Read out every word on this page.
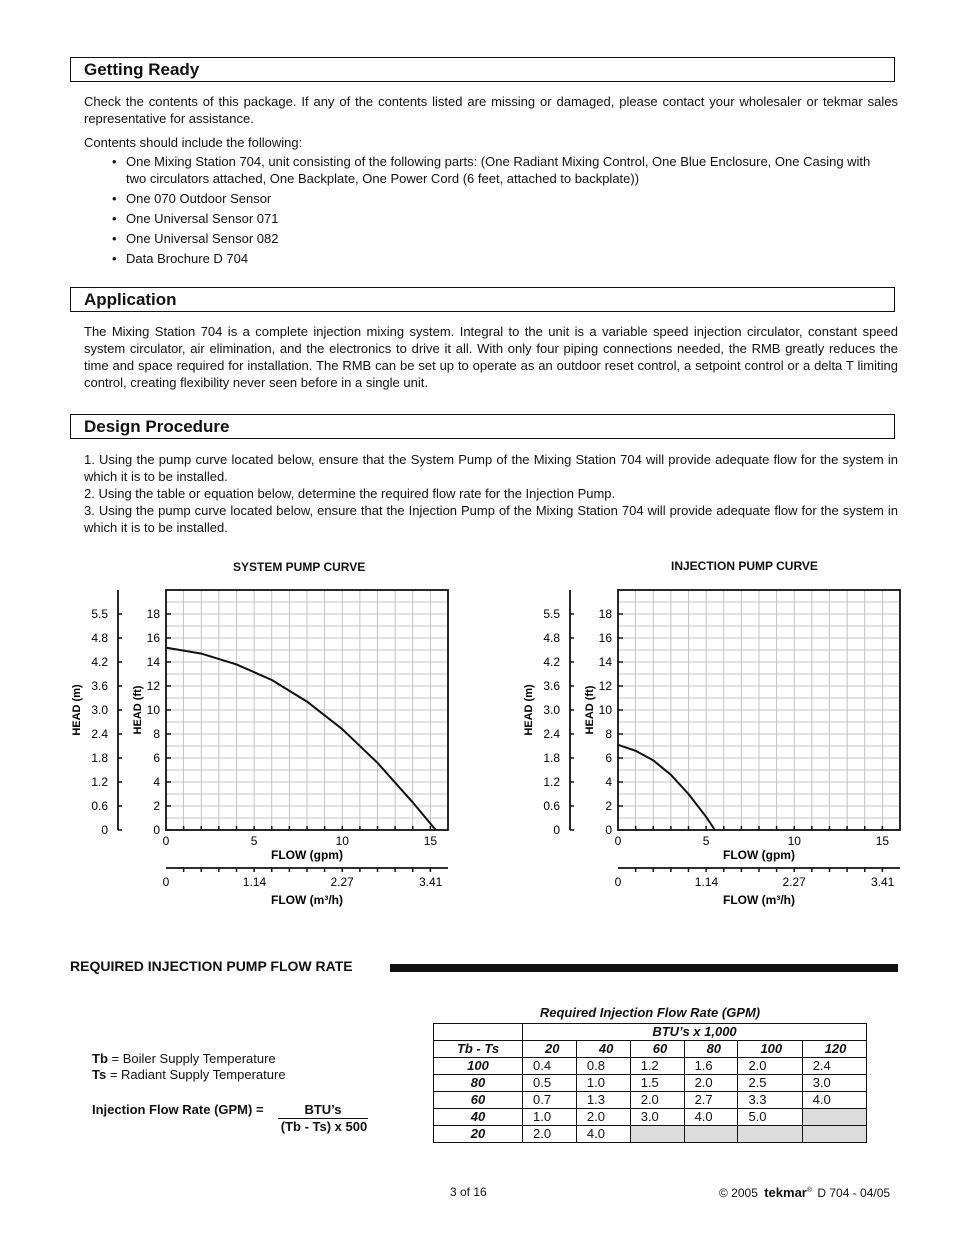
Getting Ready
Check the contents of this package. If any of the contents listed are missing or damaged, please contact your wholesaler or tekmar sales representative for assistance.
Contents should include the following:
• One Mixing Station 704, unit consisting of the following parts: (One Radiant Mixing Control, One Blue Enclosure, One Casing with two circulators attached, One Backplate, One Power Cord (6 feet, attached to backplate))
• One 070 Outdoor Sensor
• One Universal Sensor 071
• One Universal Sensor 082
• Data Brochure D 704
Application
The Mixing Station 704 is a complete injection mixing system. Integral to the unit is a variable speed injection circulator, constant speed system circulator, air elimination, and the electronics to drive it all. With only four piping connections needed, the RMB greatly reduces the time and space required for installation. The RMB can be set up to operate as an outdoor reset control, a setpoint control or a delta T limiting control, creating flexibility never seen before in a single unit.
Design Procedure
1. Using the pump curve located below, ensure that the System Pump of the Mixing Station 704 will provide adequate flow for the system in which it is to be installed.
2. Using the table or equation below, determine the required flow rate for the Injection Pump.
3. Using the pump curve located below, ensure that the Injection Pump of the Mixing Station 704 will provide adequate flow for the system in which it is to be installed.
SYSTEM PUMP CURVE	INJECTION PUMP CURVE
0
2
4
6
8
10
12
14
16
18
0
0.6
1.2
1.8
2.4
3.0
3.6
4.2
4.8
5.5
HEAD (m)	HEAD (ft)
0	5	10	15
FLOW (gpm)
0	1.14	2.27	3.41
FLOW (m³/h)
0
2
4
6
8
10
12
14
16
18
0
0.6
1.2
1.8
2.4
3.0
3.6
4.2
4.8
5.5
HEAD (m)	HEAD (ft)
0	5	10	15
FLOW (gpm)
0	1.14	2.27	3.41
FLOW (m³/h)
REQUIRED INJECTION PUMP FLOW RATE
Tb = Boiler Supply Temperature
Ts = Radiant Supply Temperature
Injection Flow Rate (GPM) =	BTU’s
(Tb - Ts) x 500
Required Injection Flow Rate (GPM)
	BTU’s x 1,000					
Tb - Ts	20	40	60	80	100	120
100	0.4	0.8	1.2	1.6	2.0	2.4
80	0.5	1.0	1.5	2.0	2.5	3.0
60	0.7	1.3	2.0	2.7	3.3	4.0
40	1.0	2.0	3.0	4.0	5.0	
20	2.0	4.0				
3 of 16	© 2005 tekmar® D 704 - 04/05
